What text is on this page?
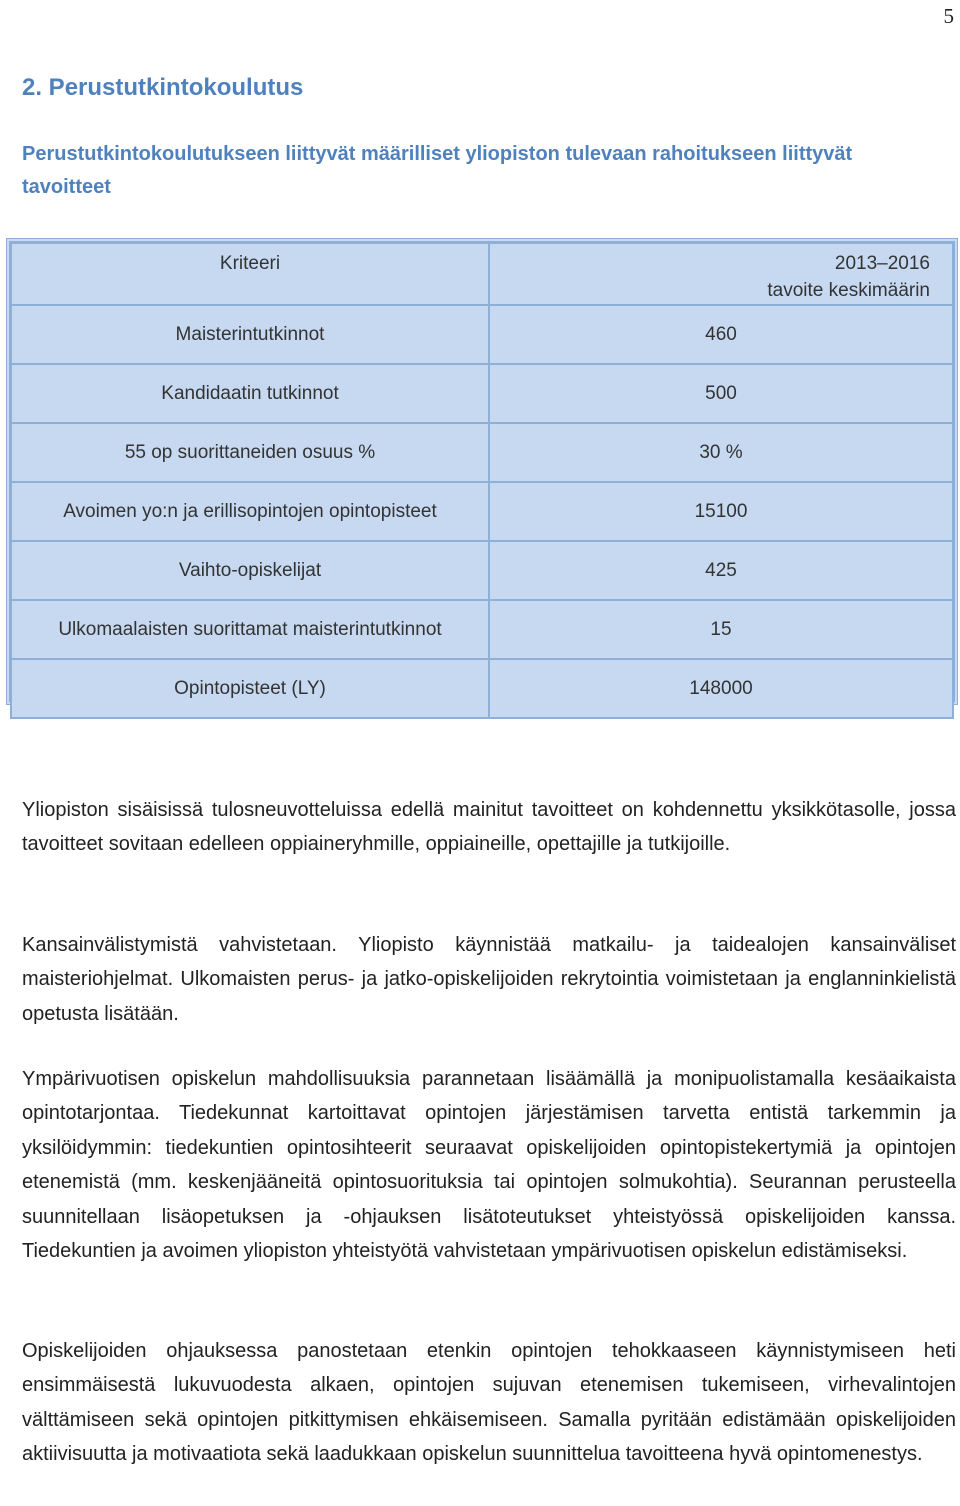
5
2. Perustutkintokoulutus
Perustutkintokoulutukseen liittyvät määrilliset yliopiston tulevaan rahoitukseen liittyvät tavoitteet
Kriteeri	2013–2016
tavoite keskimäärin

Maisterintutkinnot	460
Kandidaatin tutkinnot	500
55 op suorittaneiden osuus %	30 %
Avoimen yo:n ja erillisopintojen opintopisteet	15100
Vaihto-opiskelijat	425
Ulkomaalaisten suorittamat maisterintutkinnot	15
Opintopisteet (LY)	148000

Yliopiston sisäisissä tulosneuvotteluissa edellä mainitut tavoitteet on kohdennettu yksikkötasolle, jossa tavoitteet sovitaan edelleen oppiaineryhmille, oppiaineille, opettajille ja tutkijoille.

Kansainvälistymistä vahvistetaan. Yliopisto käynnistää matkailu- ja taidealojen kansainväliset maisteriohjelmat. Ulkomaisten perus- ja jatko-opiskelijoiden rekrytointia voimistetaan ja englanninkielistä opetusta lisätään.

Ympärivuotisen opiskelun mahdollisuuksia parannetaan lisäämällä ja monipuolistamalla kesäaikaista opintotarjontaa. Tiedekunnat kartoittavat opintojen järjestämisen tarvetta entistä tarkemmin ja yksilöidymmin: tiedekuntien opintosihteerit seuraavat opiskelijoiden opintopistekertymiä ja opintojen etenemistä (mm. keskenjääneitä opintosuorituksia tai opintojen solmukohtia). Seurannan perusteella suunnitellaan lisäopetuksen ja -ohjauksen lisätoteutukset yhteistyössä opiskelijoiden kanssa. Tiedekuntien ja avoimen yliopiston yhteistyötä vahvistetaan ympärivuotisen opiskelun edistämiseksi.

Opiskelijoiden ohjauksessa panostetaan etenkin opintojen tehokkaaseen käynnistymiseen heti ensimmäisestä lukuvuodesta alkaen, opintojen sujuvan etenemisen tukemiseen, virhevalintojen välttämiseen sekä opintojen pitkittymisen ehkäisemiseen. Samalla pyritään edistämään opiskelijoiden aktiivisuutta ja motivaatiota sekä laadukkaan opiskelun suunnittelua tavoitteena hyvä opintomenestys.
